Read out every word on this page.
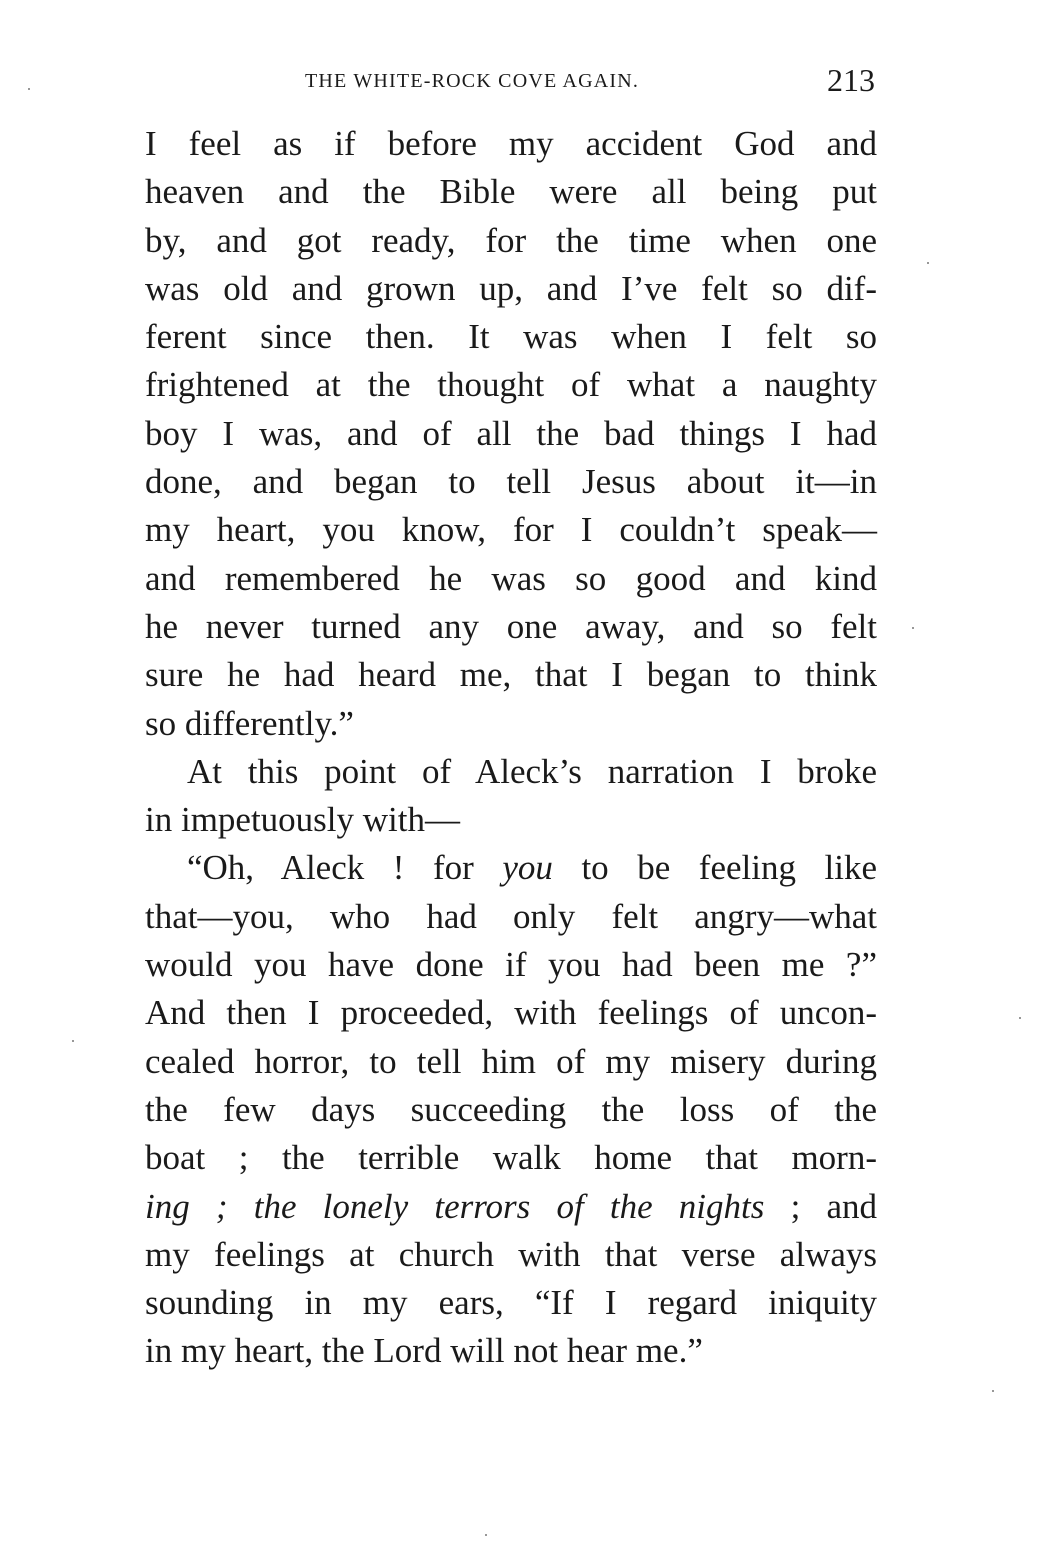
THE WHITE-ROCK COVE AGAIN.	213
I feel as if before my accident God and
heaven and the Bible were all being put
by, and got ready, for the time when one
was old and grown up, and I’ve felt so dif-
ferent since then. It was when I felt so
frightened at the thought of what a naughty
boy I was, and of all the bad things I had
done, and began to tell Jesus about it—in
my heart, you know, for I couldn’t speak—
and remembered he was so good and kind
he never turned any one away, and so felt
sure he had heard me, that I began to think
so differently.”
At this point of Aleck’s narration I broke
in impetuously with—
“Oh, Aleck ! for you to be feeling like
that—you, who had only felt angry—what
would you have done if you had been me ?”
And then I proceeded, with feelings of uncon-
cealed horror, to tell him of my misery during
the few days succeeding the loss of the
boat ; the terrible walk home that morn-
ing ; the lonely terrors of the nights ; and
my feelings at church with that verse always
sounding in my ears, “If I regard iniquity
in my heart, the Lord will not hear me.”
